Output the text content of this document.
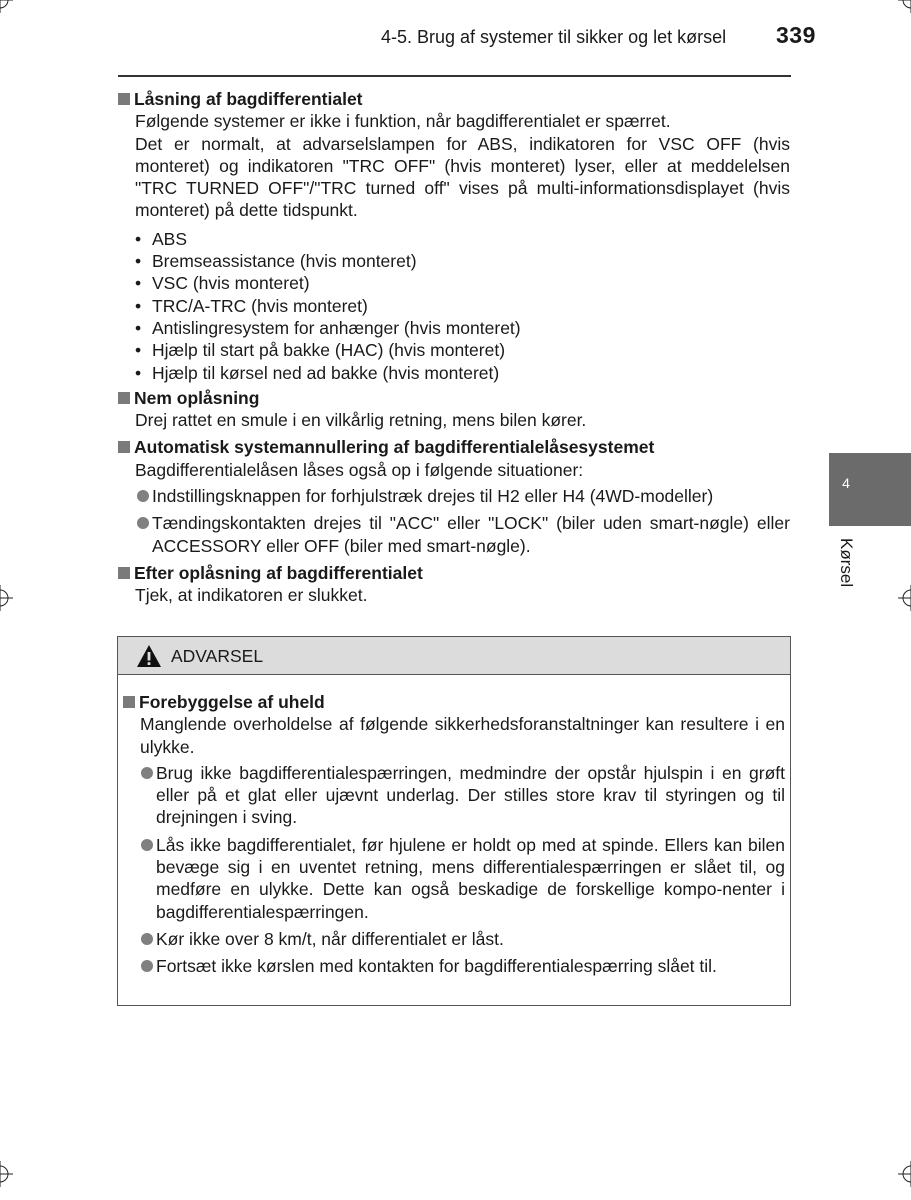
4-5. Brug af systemer til sikker og let kørsel 339
4
Kørsel
Låsning af bagdifferentialet
Følgende systemer er ikke i funktion, når bagdifferentialet er spærret.
Det er normalt, at advarselslampen for ABS, indikatoren for VSC OFF (hvis monteret) og indikatoren "TRC OFF" (hvis monteret) lyser, eller at meddelelsen "TRC TURNED OFF"/"TRC turned off" vises på multi-informationsdisplayet (hvis monteret) på dette tidspunkt.
• ABS
• Bremseassistance (hvis monteret)
• VSC (hvis monteret)
• TRC/A-TRC (hvis monteret)
• Antislingresystem for anhænger (hvis monteret)
• Hjælp til start på bakke (HAC) (hvis monteret)
• Hjælp til kørsel ned ad bakke (hvis monteret)
Nem oplåsning
Drej rattet en smule i en vilkårlig retning, mens bilen kører.
Automatisk systemannullering af bagdifferentialelåsesystemet
Bagdifferentialelåsen låses også op i følgende situationer:
Indstillingsknappen for forhjulstræk drejes til H2 eller H4 (4WD-modeller)
Tændingskontakten drejes til "ACC" eller "LOCK" (biler uden smart-nøgle) eller ACCESSORY eller OFF (biler med smart-nøgle).
Efter oplåsning af bagdifferentialet
Tjek, at indikatoren er slukket.
ADVARSEL
Forebyggelse af uheld
Manglende overholdelse af følgende sikkerhedsforanstaltninger kan resultere i en ulykke.
Brug ikke bagdifferentialespærringen, medmindre der opstår hjulspin i en grøft eller på et glat eller ujævnt underlag. Der stilles store krav til styringen og til drejningen i sving.
Lås ikke bagdifferentialet, før hjulene er holdt op med at spinde. Ellers kan bilen bevæge sig i en uventet retning, mens differentialespærringen er slået til, og medføre en ulykke. Dette kan også beskadige de forskellige kompo-nenter i bagdifferentialespærringen.
Kør ikke over 8 km/t, når differentialet er låst.
Fortsæt ikke kørslen med kontakten for bagdifferentialespærring slået til.
